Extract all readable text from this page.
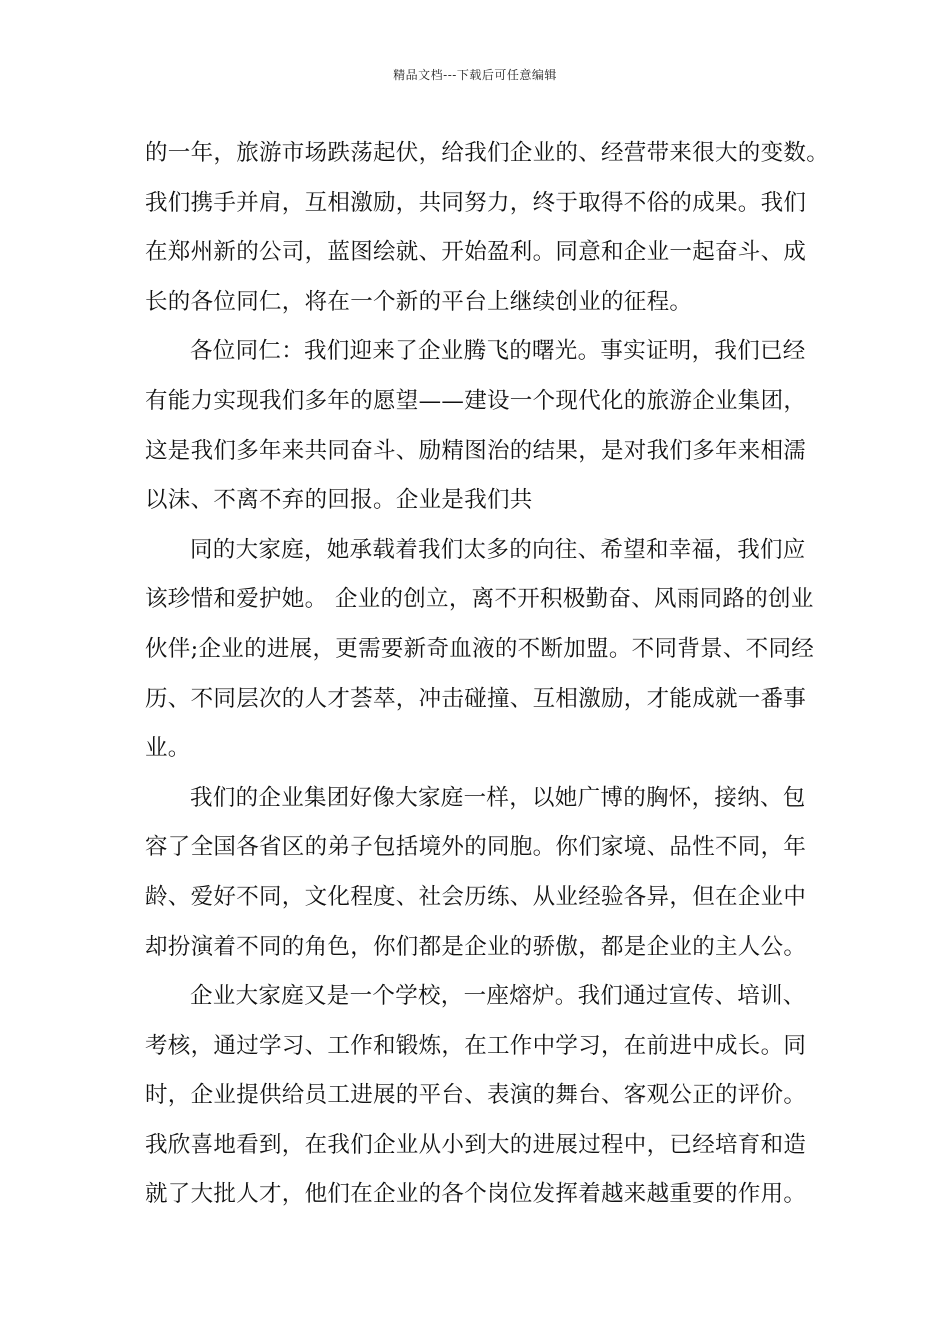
精品文档---下载后可任意编辑
的一年，旅游市场跌荡起伏，给我们企业的、经营带来很大的变数。
我们携手并肩，互相激励，共同努力，终于取得不俗的成果。我们
在郑州新的公司，蓝图绘就、开始盈利。同意和企业一起奋斗、成
长的各位同仁，将在一个新的平台上继续创业的征程。
各位同仁：我们迎来了企业腾飞的曙光。事实证明，我们已经
有能力实现我们多年的愿望——建设一个现代化的旅游企业集团，
这是我们多年来共同奋斗、励精图治的结果，是对我们多年来相濡
以沫、不离不弃的回报。企业是我们共
同的大家庭，她承载着我们太多的向往、希望和幸福，我们应
该珍惜和爱护她。 企业的创立，离不开积极勤奋、风雨同路的创业
伙伴;企业的进展，更需要新奇血液的不断加盟。不同背景、不同经
历、不同层次的人才荟萃，冲击碰撞、互相激励，才能成就一番事
业。
我们的企业集团好像大家庭一样，以她广博的胸怀，接纳、包
容了全国各省区的弟子包括境外的同胞。你们家境、品性不同，年
龄、爱好不同，文化程度、社会历练、从业经验各异，但在企业中
却扮演着不同的角色，你们都是企业的骄傲，都是企业的主人公。
企业大家庭又是一个学校，一座熔炉。我们通过宣传、培训、
考核，通过学习、工作和锻炼，在工作中学习，在前进中成长。同
时，企业提供给员工进展的平台、表演的舞台、客观公正的评价。
我欣喜地看到，在我们企业从小到大的进展过程中，已经培育和造
就了大批人才，他们在企业的各个岗位发挥着越来越重要的作用。
